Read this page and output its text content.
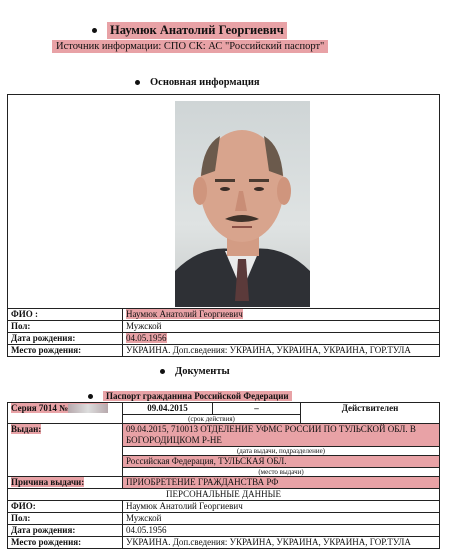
Наумюк Анатолий Георгиевич
Источник информации: СПО СК: АС "Российский паспорт"
Основная информация
ФИО :	Наумюк Анатолий Георгиевич
Пол:	Мужской
Дата рождения:	04.05.1956
Место рождения:	УКРАИНА. Доп.сведения: УКРАИНА, УКРАИНА, УКРАИНА, ГОР.ТУЛА
Документы
Паспорт гражданина Российской Федерации
Серия 7014 №	09.04.2015	–	Действителен
	(срок действия)		
Выдан:	09.04.2015, 710013 ОТДЕЛЕНИЕ УФМС РОССИИ ПО ТУЛЬСКОЙ ОБЛ. В БОГОРОДИЦКОМ Р-НЕ		
	(дата выдачи, подразделение)		
	Российская Федерация, ТУЛЬСКАЯ ОБЛ.		
	(место выдачи)		
Причина выдачи:	ПРИОБРЕТЕНИЕ ГРАЖДАНСТВА РФ		
ПЕРСОНАЛЬНЫЕ ДАННЫЕ			
ФИО:	Наумюк Анатолий Георгиевич		
Пол:	Мужской		
Дата рождения:	04.05.1956		
Место рождения:	УКРАИНА. Доп.сведения: УКРАИНА, УКРАИНА, УКРАИНА, ГОР.ТУЛА		
